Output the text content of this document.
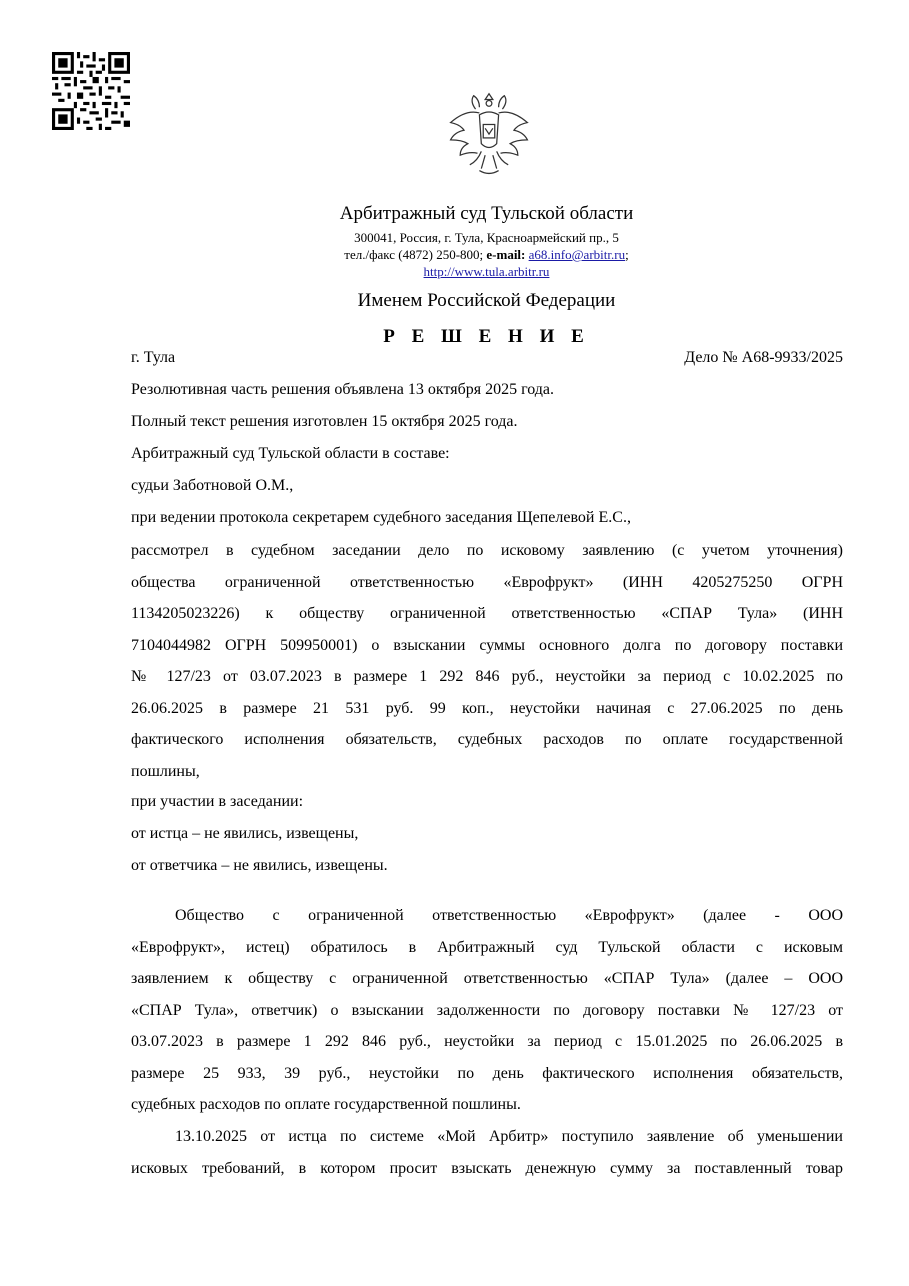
Арбитражный суд Тульской области
300041, Россия, г. Тула, Красноармейский пр., 5
тел./факс (4872) 250-800; e-mail: a68.info@arbitr.ru;
http://www.tula.arbitr.ru
Именем Российской Федерации
Р Е Ш Е Н И Е
г. Тула	Дело № А68-9933/2025
Резолютивная часть решения объявлена 13 октября 2025 года.
Полный текст решения изготовлен 15 октября 2025 года.
Арбитражный суд Тульской области в составе:
судьи Заботновой О.М.,
при ведении протокола секретарем судебного заседания Щепелевой Е.С.,
рассмотрел в судебном заседании дело по исковому заявлению (с учетом уточнения)
общества ограниченной ответственностью «Еврофрукт» (ИНН 4205275250 ОГРН
1134205023226) к обществу ограниченной ответственностью «СПАР Тула» (ИНН
7104044982 ОГРН 509950001) о взыскании суммы основного долга по договору поставки
№ 127/23 от 03.07.2023 в размере 1 292 846 руб., неустойки за период с 10.02.2025 по
26.06.2025 в размере 21 531 руб. 99 коп., неустойки начиная с 27.06.2025 по день
фактического исполнения обязательств, судебных расходов по оплате государственной
пошлины,
при участии в заседании:
от истца – не явились, извещены,
от ответчика – не явились, извещены.
Общество с ограниченной ответственностью «Еврофрукт» (далее - ООО
«Еврофрукт», истец) обратилось в Арбитражный суд Тульской области с исковым
заявлением к обществу с ограниченной ответственностью «СПАР Тула» (далее – ООО
«СПАР Тула», ответчик) о взыскании задолженности по договору поставки № 127/23 от
03.07.2023 в размере 1 292 846 руб., неустойки за период с 15.01.2025 по 26.06.2025 в
размере 25 933, 39 руб., неустойки по день фактического исполнения обязательств,
судебных расходов по оплате государственной пошлины.
13.10.2025 от истца по системе «Мой Арбитр» поступило заявление об уменьшении
исковых требований, в котором просит взыскать денежную сумму за поставленный товар
